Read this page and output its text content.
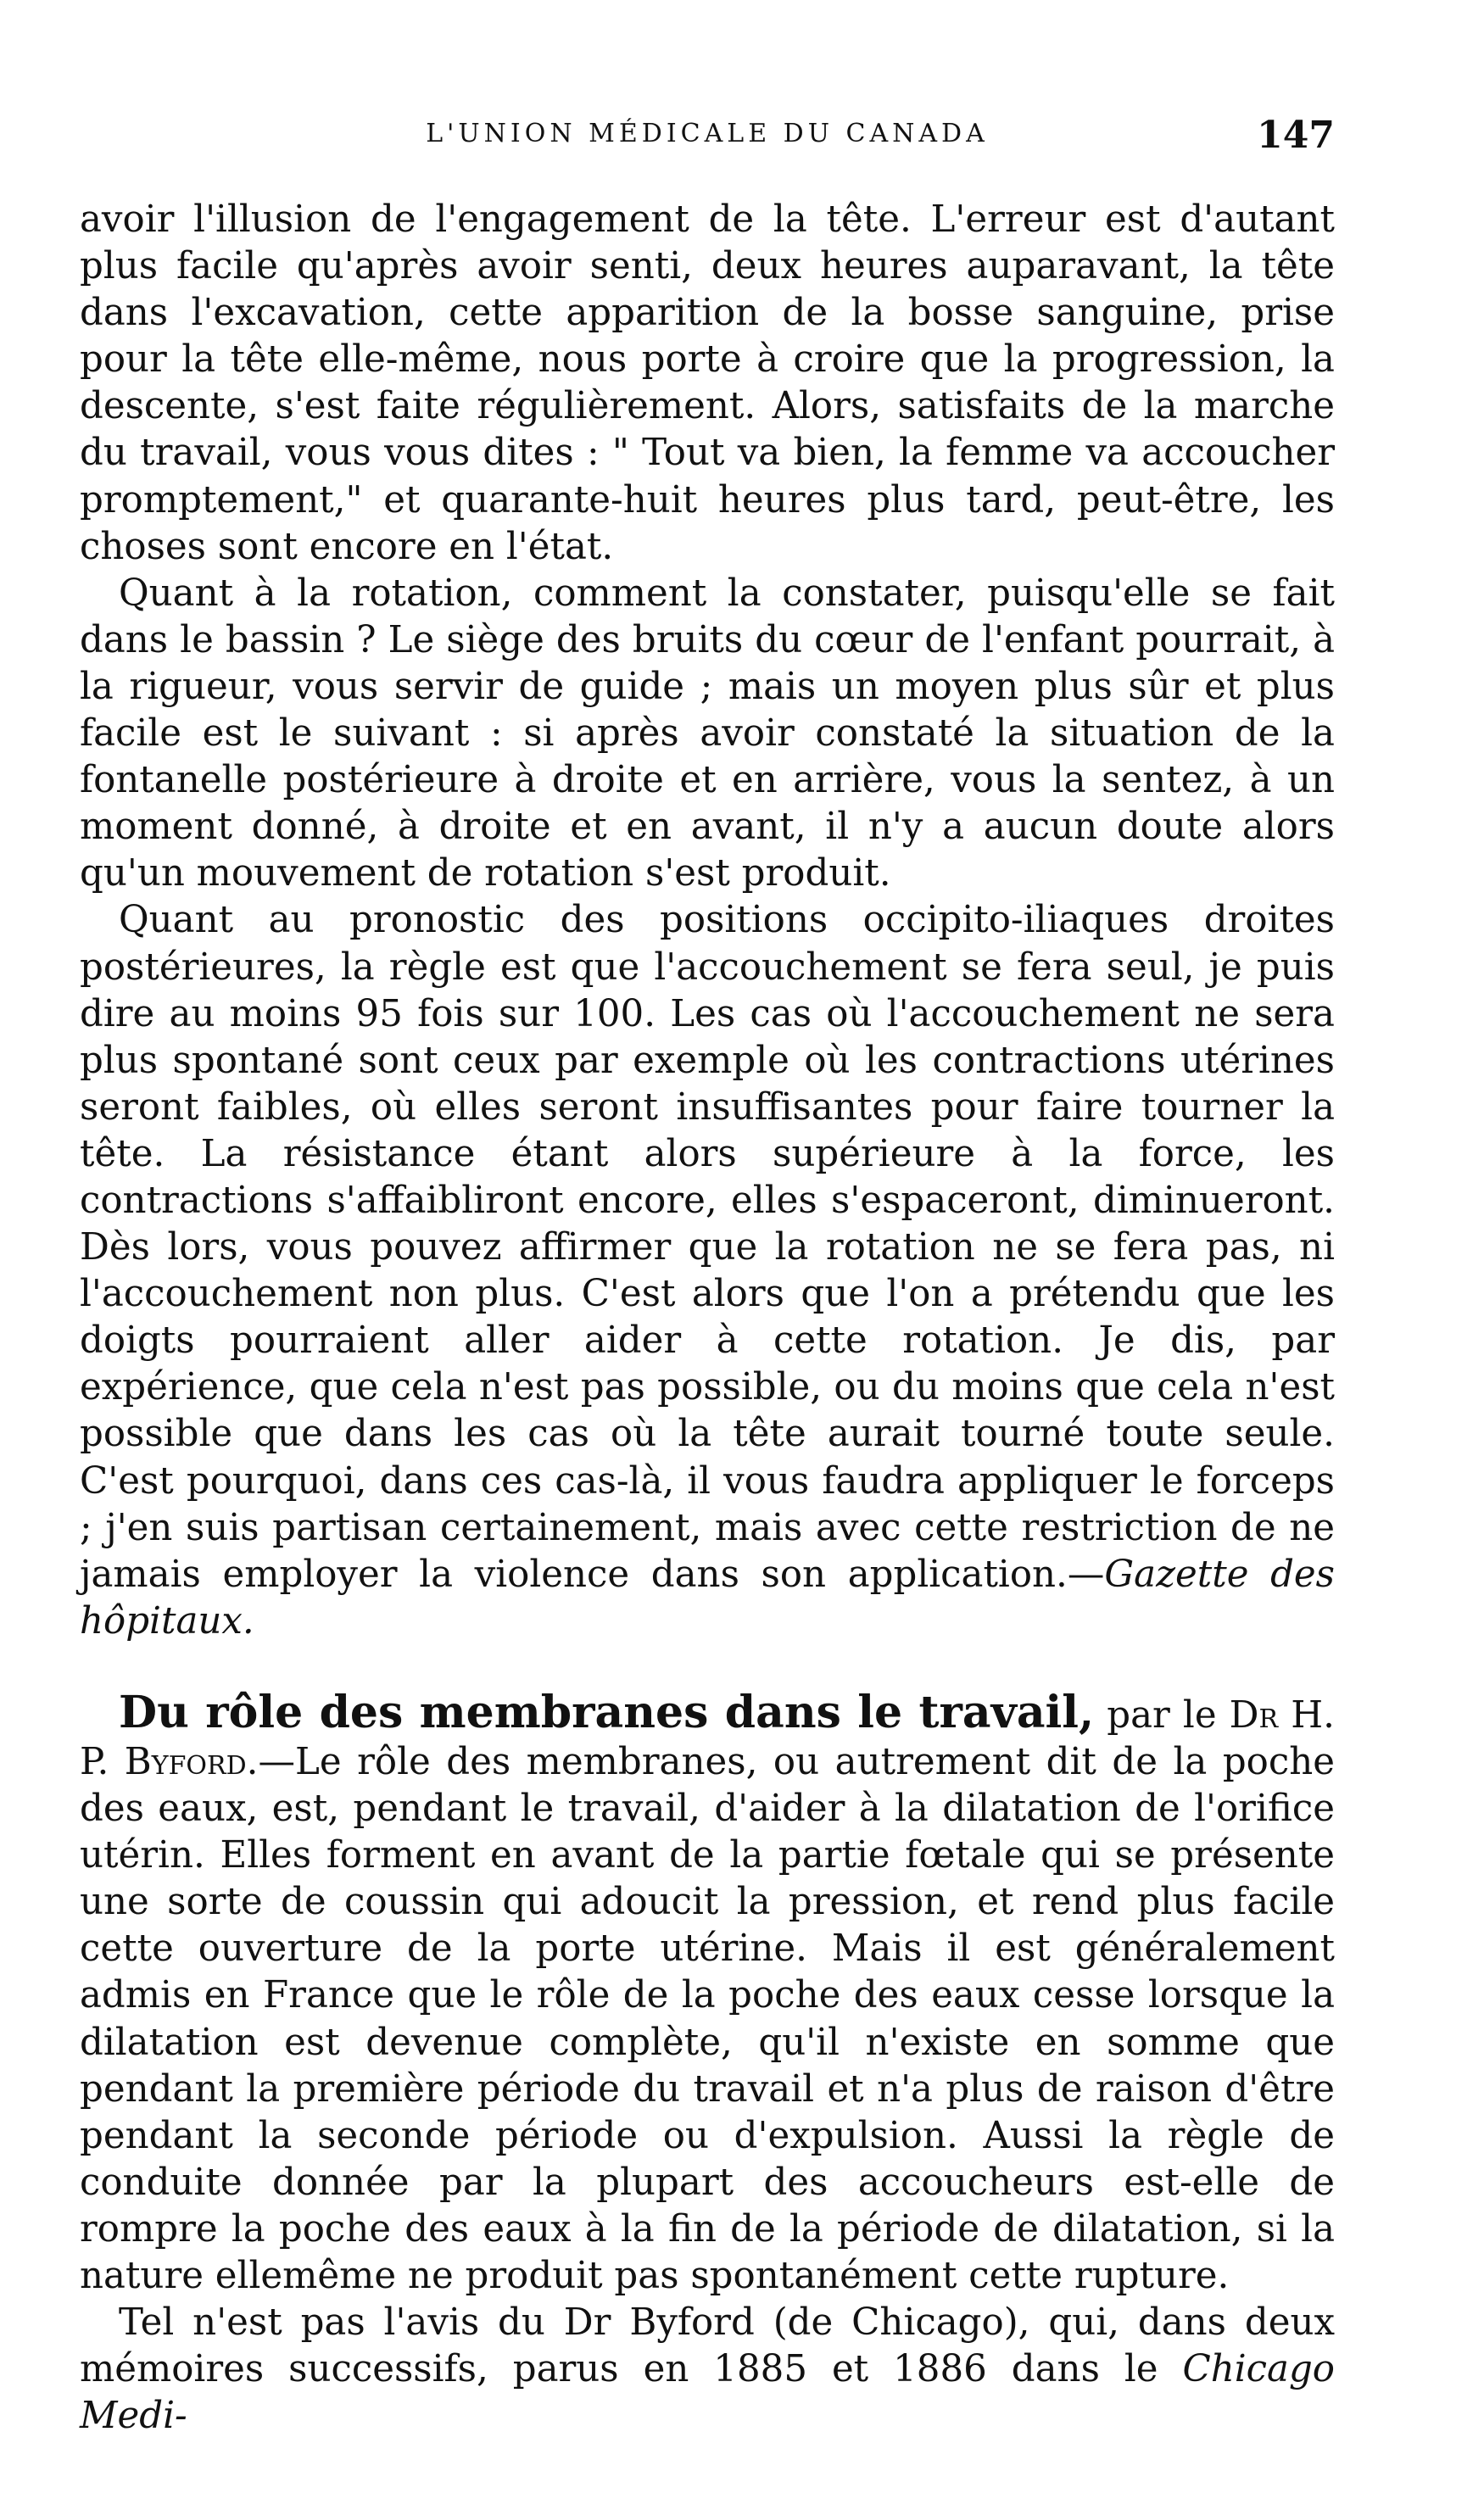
L'UNION MÉDICALE DU CANADA	147

avoir l'illusion de l'engagement de la tête. L'erreur est d'autant plus facile qu'après avoir senti, deux heures auparavant, la tête dans l'excavation, cette apparition de la bosse sanguine, prise pour la tête elle-même, nous porte à croire que la progression, la descente, s'est faite régulièrement. Alors, satisfaits de la marche du travail, vous vous dites : " Tout va bien, la femme va accoucher promptement," et quarante-huit heures plus tard, peut-être, les choses sont encore en l'état.

Quant à la rotation, comment la constater, puisqu'elle se fait dans le bassin ? Le siège des bruits du cœur de l'enfant pourrait, à la rigueur, vous servir de guide ; mais un moyen plus sûr et plus facile est le suivant : si après avoir constaté la situation de la fontanelle postérieure à droite et en arrière, vous la sentez, à un moment donné, à droite et en avant, il n'y a aucun doute alors qu'un mouvement de rotation s'est produit.

Quant au pronostic des positions occipito-iliaques droites postérieures, la règle est que l'accouchement se fera seul, je puis dire au moins 95 fois sur 100. Les cas où l'accouchement ne sera plus spontané sont ceux par exemple où les contractions utérines seront faibles, où elles seront insuffisantes pour faire tourner la tête. La résistance étant alors supérieure à la force, les contractions s'affaibliront encore, elles s'espaceront, diminueront. Dès lors, vous pouvez affirmer que la rotation ne se fera pas, ni l'accouchement non plus. C'est alors que l'on a prétendu que les doigts pourraient aller aider à cette rotation. Je dis, par expérience, que cela n'est pas possible, ou du moins que cela n'est possible que dans les cas où la tête aurait tourné toute seule. C'est pourquoi, dans ces cas-là, il vous faudra appliquer le forceps ; j'en suis partisan certainement, mais avec cette restriction de ne jamais employer la violence dans son application.—Gazette des hôpitaux.

Du rôle des membranes dans le travail, par le Dr H. P. Byford.—Le rôle des membranes, ou autrement dit de la poche des eaux, est, pendant le travail, d'aider à la dilatation de l'orifice utérin. Elles forment en avant de la partie fœtale qui se présente une sorte de coussin qui adoucit la pression, et rend plus facile cette ouverture de la porte utérine. Mais il est généralement admis en France que le rôle de la poche des eaux cesse lorsque la dilatation est devenue complète, qu'il n'existe en somme que pendant la première période du travail et n'a plus de raison d'être pendant la seconde période ou d'expulsion. Aussi la règle de conduite donnée par la plupart des accoucheurs est-elle de rompre la poche des eaux à la fin de la période de dilatation, si la nature ellemême ne produit pas spontanément cette rupture.

Tel n'est pas l'avis du Dr Byford (de Chicago), qui, dans deux mémoires successifs, parus en 1885 et 1886 dans le Chicago Medi-
